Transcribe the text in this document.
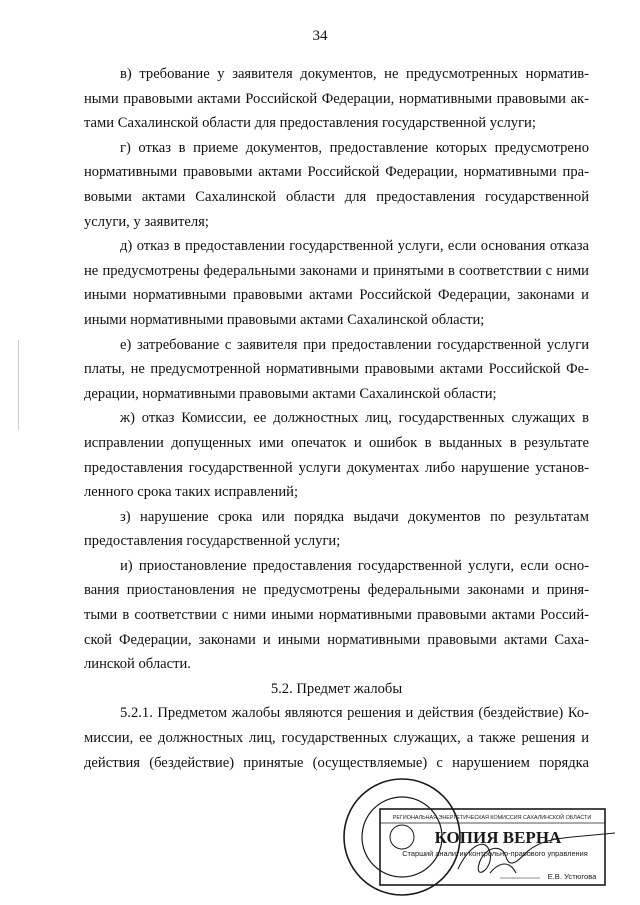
34
в) требование у заявителя документов, не предусмотренных норматив-
ными правовыми актами Российской Федерации, нормативными правовыми ак-
тами Сахалинской области для предоставления государственной услуги;
г) отказ в приеме документов, предоставление которых предусмотрено
нормативными правовыми актами Российской Федерации, нормативными пра-
вовыми актами Сахалинской области для предоставления государственной
услуги, у заявителя;
д) отказ в предоставлении государственной услуги, если основания отказа
не предусмотрены федеральными законами и принятыми в соответствии с ними
иными нормативными правовыми актами Российской Федерации, законами и
иными нормативными правовыми актами Сахалинской области;
е) затребование с заявителя при предоставлении государственной услуги
платы, не предусмотренной нормативными правовыми актами Российской Фе-
дерации, нормативными правовыми актами Сахалинской области;
ж) отказ Комиссии, ее должностных лиц, государственных служащих в
исправлении допущенных ими опечаток и ошибок в выданных в результате
предоставления государственной услуги документах либо нарушение установ-
ленного срока таких исправлений;
з) нарушение срока или порядка выдачи документов по результатам
предоставления государственной услуги;
и) приостановление предоставления государственной услуги, если осно-
вания приостановления не предусмотрены федеральными законами и приня-
тыми в соответствии с ними иными нормативными правовыми актами Россий-
ской Федерации, законами и иными нормативными правовыми актами Саха-
линской области.
5.2. Предмет жалобы
5.2.1. Предметом жалобы являются решения и действия (бездействие) Ко-
миссии, ее должностных лиц, государственных служащих, а также решения и
действия (бездействие) принятые (осуществляемые) с нарушением порядка
РЕГИОНАЛЬНАЯ ЭНЕРГЕТИЧЕСКАЯ КОМИССИЯ САХАЛИНСКОЙ ОБЛАСТИ
КОПИЯ ВЕРНА
Старший аналитик контрольно-правового управления
Е.В. Устюгова
